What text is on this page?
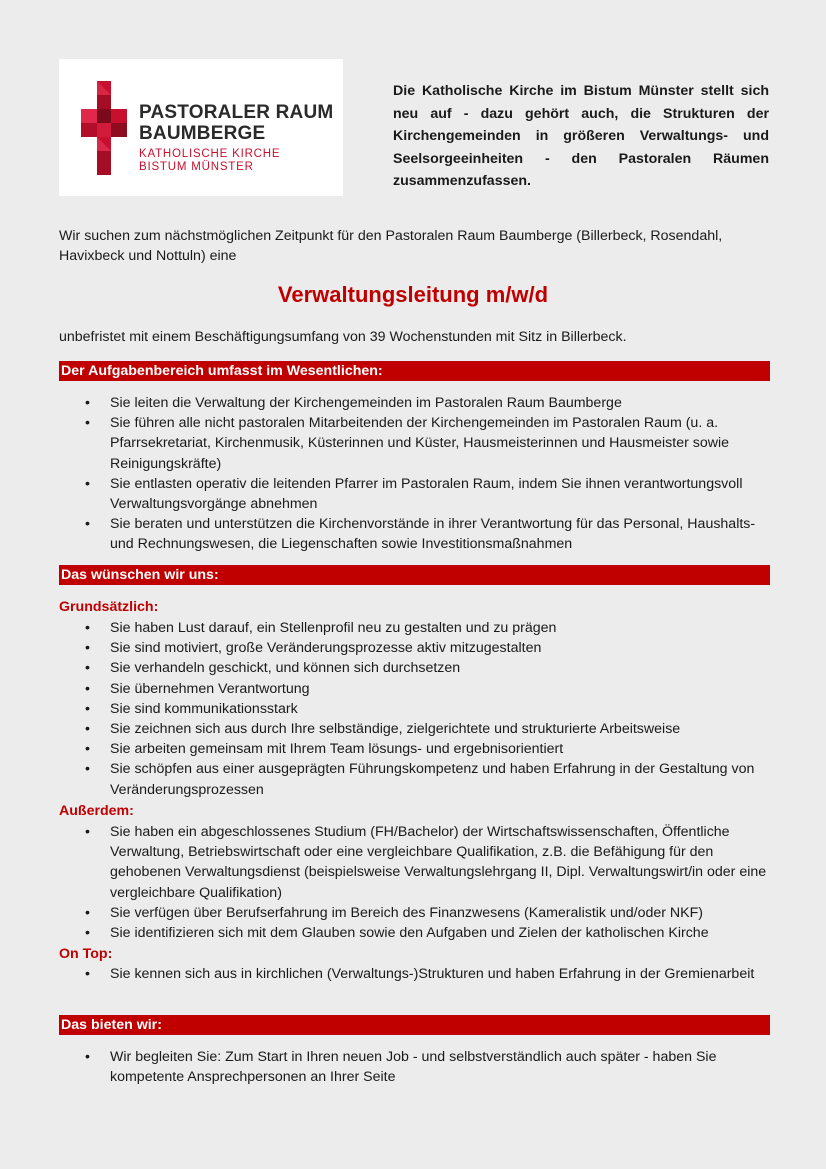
PASTORALER RAUM
BAUMBERGE
KATHOLISCHE KIRCHE
BISTUM MÜNSTER
Die Katholische Kirche im Bistum Münster stellt sich neu auf - dazu gehört auch, die Strukturen der Kirchengemeinden in größeren Verwaltungs- und Seelsorgeeinheiten - den Pastoralen Räumen zusammenzufassen.
Wir suchen zum nächstmöglichen Zeitpunkt für den Pastoralen Raum Baumberge (Billerbeck, Rosendahl, Havixbeck und Nottuln) eine
Verwaltungsleitung m/w/d
unbefristet mit einem Beschäftigungsumfang von 39 Wochenstunden mit Sitz in Billerbeck.
Der Aufgabenbereich umfasst im Wesentlichen:
• Sie leiten die Verwaltung der Kirchengemeinden im Pastoralen Raum Baumberge
• Sie führen alle nicht pastoralen Mitarbeitenden der Kirchengemeinden im Pastoralen Raum (u. a. Pfarrsekretariat, Kirchenmusik, Küsterinnen und Küster, Hausmeisterinnen und Hausmeister sowie Reinigungskräfte)
• Sie entlasten operativ die leitenden Pfarrer im Pastoralen Raum, indem Sie ihnen verantwortungsvoll Verwaltungsvorgänge abnehmen
• Sie beraten und unterstützen die Kirchenvorstände in ihrer Verantwortung für das Personal, Haushalts- und Rechnungswesen, die Liegenschaften sowie Investitionsmaßnahmen
Das wünschen wir uns:
Grundsätzlich:
• Sie haben Lust darauf, ein Stellenprofil neu zu gestalten und zu prägen
• Sie sind motiviert, große Veränderungsprozesse aktiv mitzugestalten
• Sie verhandeln geschickt, und können sich durchsetzen
• Sie übernehmen Verantwortung
• Sie sind kommunikationsstark
• Sie zeichnen sich aus durch Ihre selbständige, zielgerichtete und strukturierte Arbeitsweise
• Sie arbeiten gemeinsam mit Ihrem Team lösungs- und ergebnisorientiert
• Sie schöpfen aus einer ausgeprägten Führungskompetenz und haben Erfahrung in der Gestaltung von Veränderungsprozessen
Außerdem:
• Sie haben ein abgeschlossenes Studium (FH/Bachelor) der Wirtschaftswissenschaften, Öffentliche Verwaltung, Betriebswirtschaft oder eine vergleichbare Qualifikation, z.B. die Befähigung für den gehobenen Verwaltungsdienst (beispielsweise Verwaltungslehrgang II, Dipl. Verwaltungswirt/in oder eine vergleichbare Qualifikation)
• Sie verfügen über Berufserfahrung im Bereich des Finanzwesens (Kameralistik und/oder NKF)
• Sie identifizieren sich mit dem Glauben sowie den Aufgaben und Zielen der katholischen Kirche
On Top:
• Sie kennen sich aus in kirchlichen (Verwaltungs-)Strukturen und haben Erfahrung in der Gremienarbeit
Das bieten wir:
• Wir begleiten Sie: Zum Start in Ihren neuen Job - und selbstverständlich auch später - haben Sie kompetente Ansprechpersonen an Ihrer Seite
